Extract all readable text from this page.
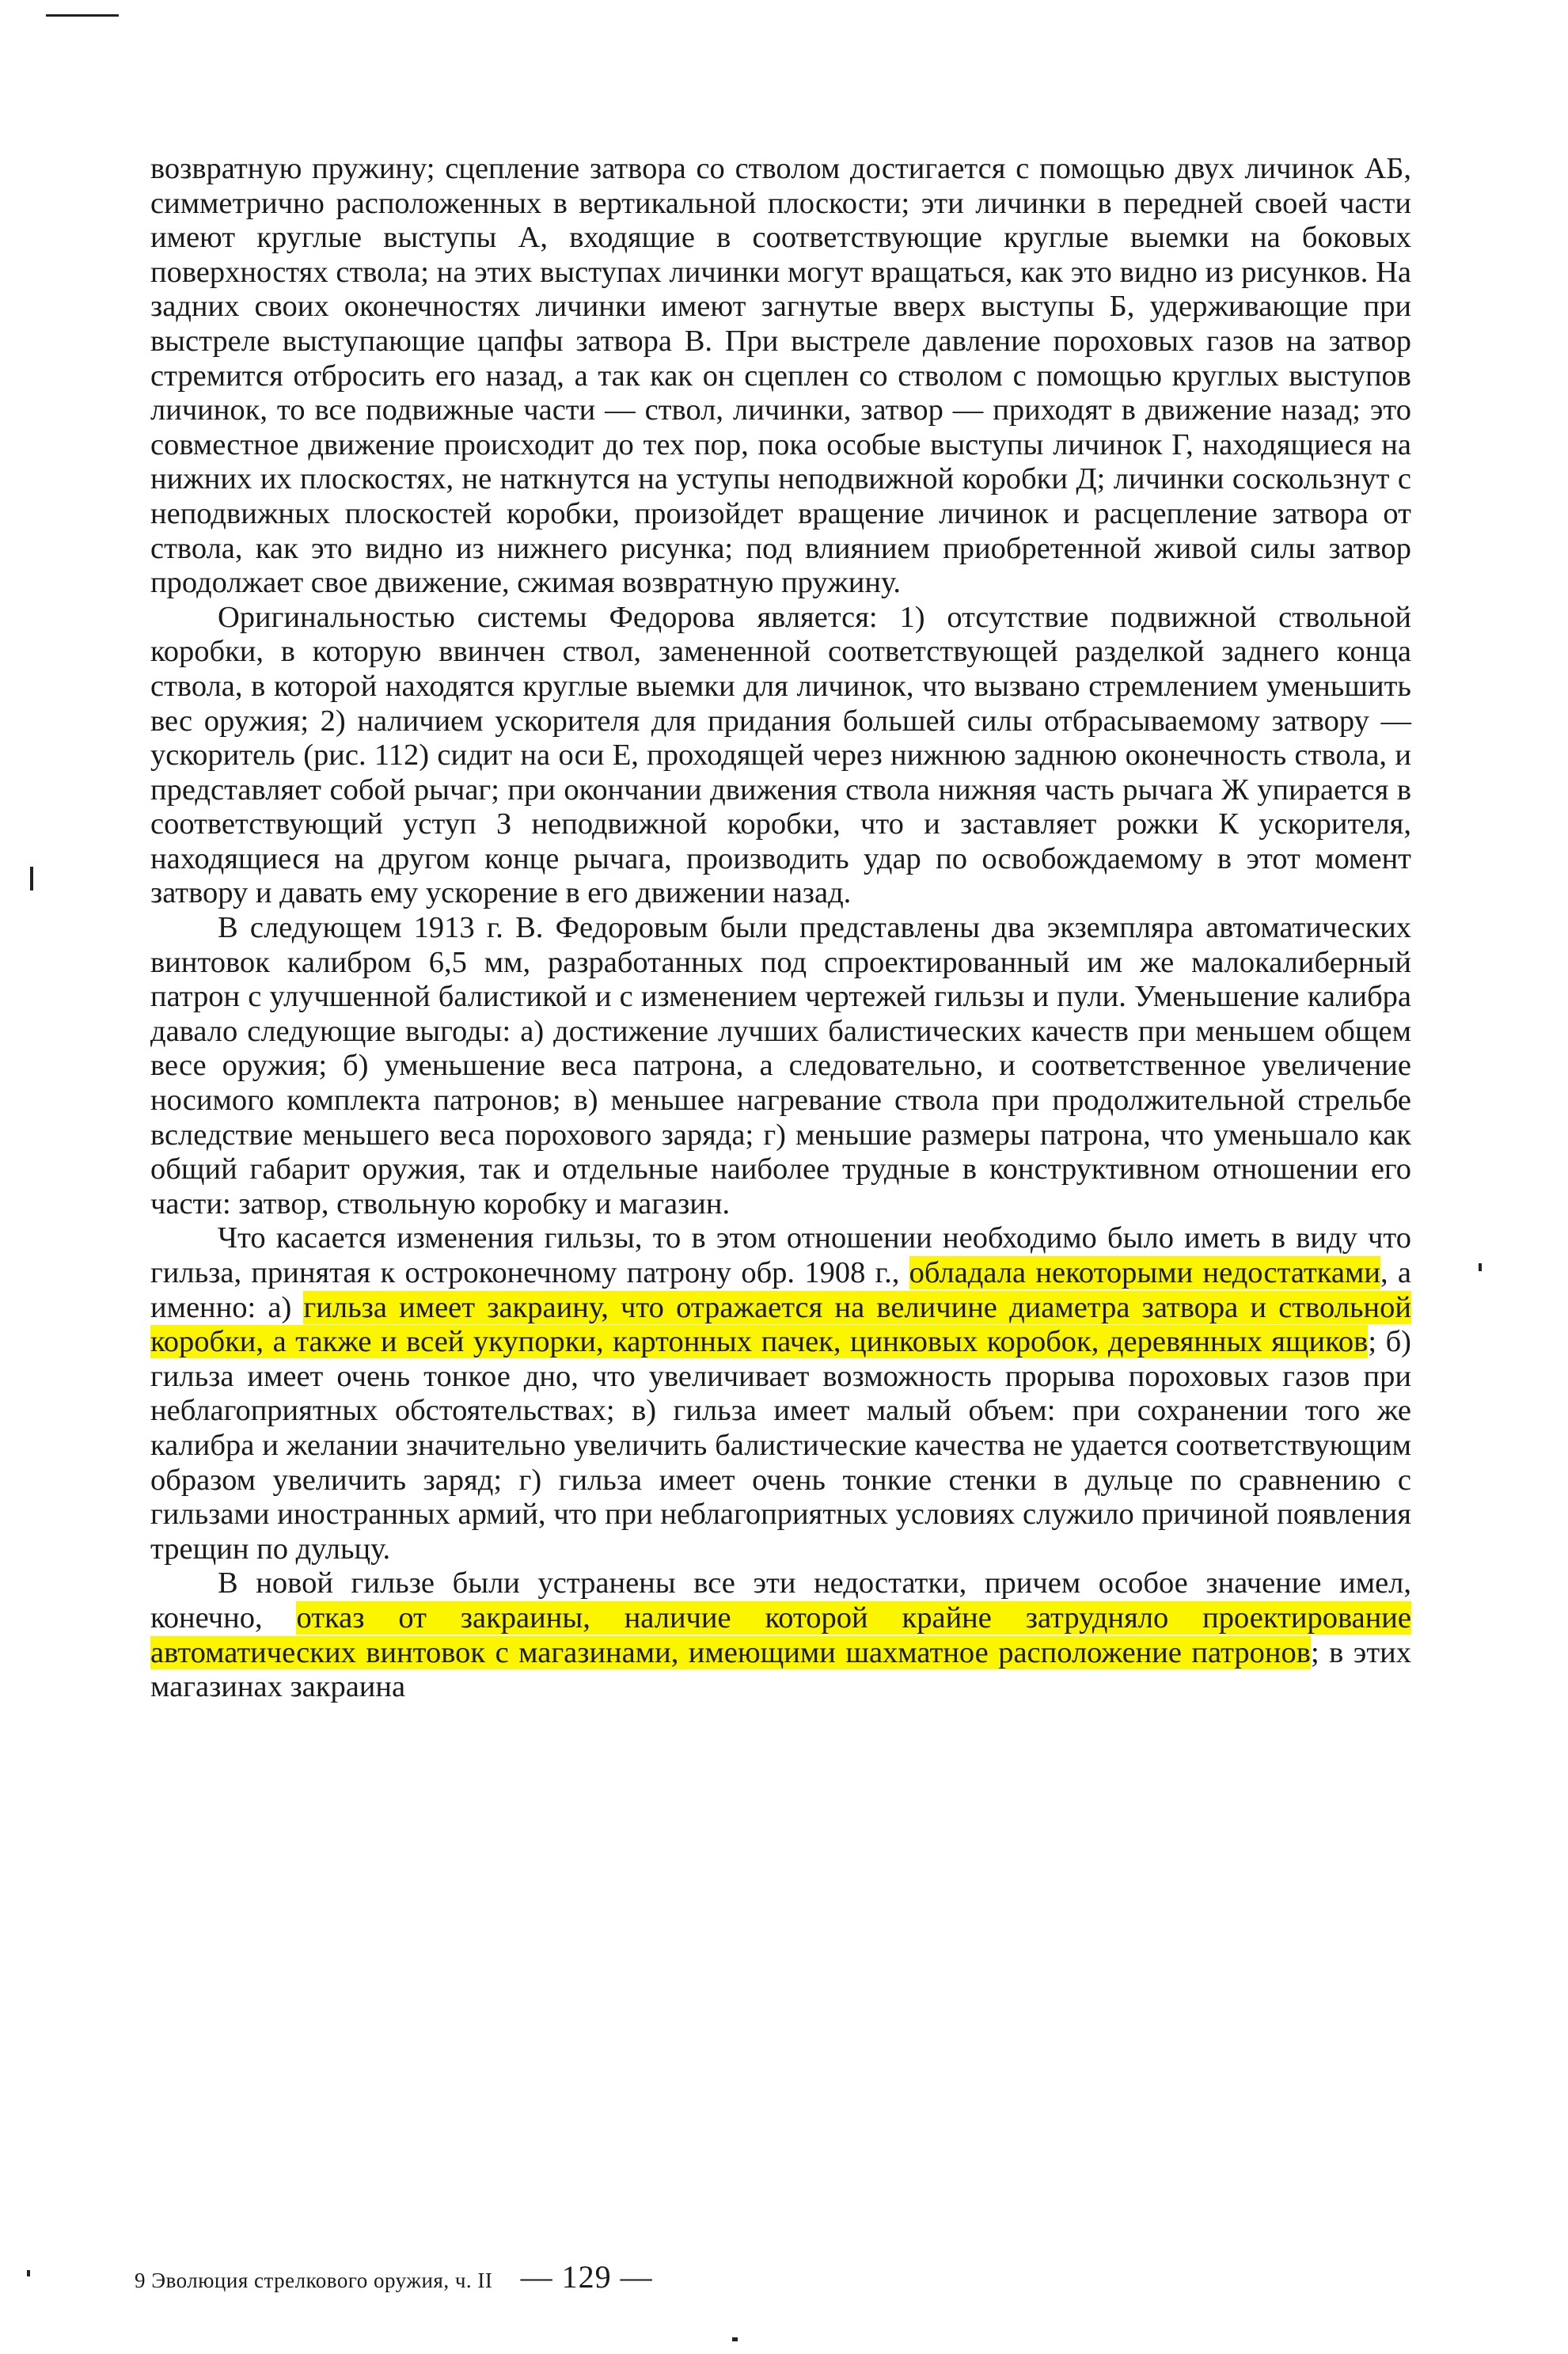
возвратную пружину; сцепление затвора со стволом достигается с помощью двух личинок АБ, симметрично расположенных в вертикальной плоскости; эти личинки в передней своей части имеют круглые выступы А, входящие в соответствующие круглые выемки на боковых поверхностях ствола; на этих выступах личинки могут вращаться, как это видно из рисунков. На задних своих оконечностях личинки имеют загнутые вверх выступы Б, удерживающие при выстреле выступающие цапфы затвора В. При выстреле давление пороховых газов на затвор стремится отбросить его назад, а так как он сцеплен со стволом с помощью круглых выступов личинок, то все подвижные части — ствол, личинки, затвор — приходят в движение назад; это совместное движение происходит до тех пор, пока особые выступы личинок Г, находящиеся на нижних их плоскостях, не наткнутся на уступы неподвижной коробки Д; личинки соскользнут с неподвижных плоскостей коробки, произойдет вращение личинок и расцепление затвора от ствола, как это видно из нижнего рисунка; под влиянием приобретенной живой силы затвор продолжает свое движение, сжимая возвратную пружину.

Оригинальностью системы Федорова является: 1) отсутствие подвижной ствольной коробки, в которую ввинчен ствол, замененной соответствующей разделкой заднего конца ствола, в которой находятся круглые выемки для личинок, что вызвано стремлением уменьшить вес оружия; 2) наличием ускорителя для придания большей силы отбрасываемому затвору — ускоритель (рис. 112) сидит на оси Е, проходящей через нижнюю заднюю оконечность ствола, и представляет собой рычаг; при окончании движения ствола нижняя часть рычага Ж упирается в соответствующий уступ З неподвижной коробки, что и заставляет рожки К ускорителя, находящиеся на другом конце рычага, производить удар по освобождаемому в этот момент затвору и давать ему ускорение в его движении назад.

В следующем 1913 г. В. Федоровым были представлены два экземпляра автоматических винтовок калибром 6,5 мм, разработанных под спроектированный им же малокалиберный патрон с улучшенной балистикой и с изменением чертежей гильзы и пули. Уменьшение калибра давало следующие выгоды: а) достижение лучших балистических качеств при меньшем общем весе оружия; б) уменьшение веса патрона, а следовательно, и соответственное увеличение носимого комплекта патронов; в) меньшее нагревание ствола при продолжительной стрельбе вследствие меньшего веса порохового заряда; г) меньшие размеры патрона, что уменьшало как общий габарит оружия, так и отдельные наиболее трудные в конструктивном отношении его части: затвор, ствольную коробку и магазин.

Что касается изменения гильзы, то в этом отношении необходимо было иметь в виду что гильза, принятая к остроконечному патрону обр. 1908 г., обладала некоторыми недостатками, а именно: а) гильза имеет закраину, что отражается на величине диаметра затвора и ствольной коробки, а также и всей укупорки, картонных пачек, цинковых коробок, деревянных ящиков; б) гильза имеет очень тонкое дно, что увеличивает возможность прорыва пороховых газов при неблагоприятных обстоятельствах; в) гильза имеет малый объем: при сохранении того же калибра и желании значительно увеличить балистические качества не удается соответствующим образом увеличить заряд; г) гильза имеет очень тонкие стенки в дульце по сравнению с гильзами иностранных армий, что при неблагоприятных условиях служило причиной появления трещин по дульцу.

В новой гильзе были устранены все эти недостатки, причем особое значение имел, конечно, отказ от закраины, наличие которой крайне затрудняло проектирование автоматических винтовок с магазинами, имеющими шахматное расположение патронов; в этих магазинах закраина

9 Эволюция стрелкового оружия, ч. II — 129 —
